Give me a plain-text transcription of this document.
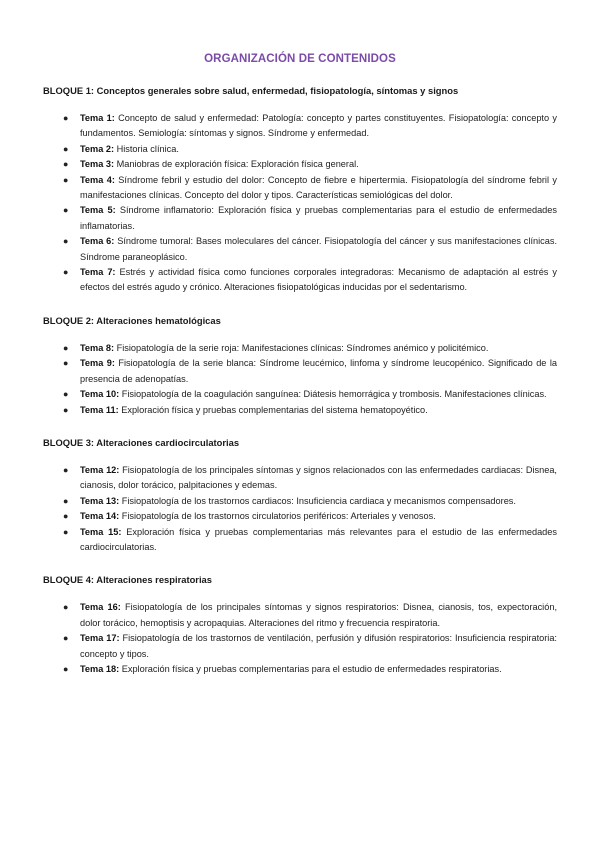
ORGANIZACIÓN DE CONTENIDOS
BLOQUE 1: Conceptos generales sobre salud, enfermedad, fisiopatología, síntomas y signos
● Tema 1: Concepto de salud y enfermedad: Patología: concepto y partes constituyentes. Fisiopatología: concepto y fundamentos. Semiología: síntomas y signos. Síndrome y enfermedad.
● Tema 2: Historia clínica.
● Tema 3: Maniobras de exploración física: Exploración física general.
● Tema 4: Síndrome febril y estudio del dolor: Concepto de fiebre e hipertermia. Fisiopatología del síndrome febril y manifestaciones clínicas. Concepto del dolor y tipos. Características semiológicas del dolor.
● Tema 5: Síndrome inflamatorio: Exploración física y pruebas complementarias para el estudio de enfermedades inflamatorias.
● Tema 6: Síndrome tumoral: Bases moleculares del cáncer. Fisiopatología del cáncer y sus manifestaciones clínicas. Síndrome paraneoplásico.
● Tema 7: Estrés y actividad física como funciones corporales integradoras: Mecanismo de adaptación al estrés y efectos del estrés agudo y crónico. Alteraciones fisiopatológicas inducidas por el sedentarismo.
BLOQUE 2: Alteraciones hematológicas
● Tema 8: Fisiopatología de la serie roja: Manifestaciones clínicas: Síndromes anémico y policitémico.
● Tema 9: Fisiopatología de la serie blanca: Síndrome leucémico, linfoma y síndrome leucopénico. Significado de la presencia de adenopatías.
● Tema 10: Fisiopatología de la coagulación sanguínea: Diátesis hemorrágica y trombosis. Manifestaciones clínicas.
● Tema 11: Exploración física y pruebas complementarias del sistema hematopoyético.
BLOQUE 3: Alteraciones cardiocirculatorias
● Tema 12: Fisiopatología de los principales síntomas y signos relacionados con las enfermedades cardiacas: Disnea, cianosis, dolor torácico, palpitaciones y edemas.
● Tema 13: Fisiopatología de los trastornos cardiacos: Insuficiencia cardiaca y mecanismos compensadores.
● Tema 14: Fisiopatología de los trastornos circulatorios periféricos: Arteriales y venosos.
● Tema 15: Exploración física y pruebas complementarias más relevantes para el estudio de las enfermedades cardiocirculatorias.
BLOQUE 4: Alteraciones respiratorias
● Tema 16: Fisiopatología de los principales síntomas y signos respiratorios: Disnea, cianosis, tos, expectoración, dolor torácico, hemoptisis y acropaquias. Alteraciones del ritmo y frecuencia respiratoria.
● Tema 17: Fisiopatología de los trastornos de ventilación, perfusión y difusión respiratorios: Insuficiencia respiratoria: concepto y tipos.
● Tema 18: Exploración física y pruebas complementarias para el estudio de enfermedades respiratorias.
